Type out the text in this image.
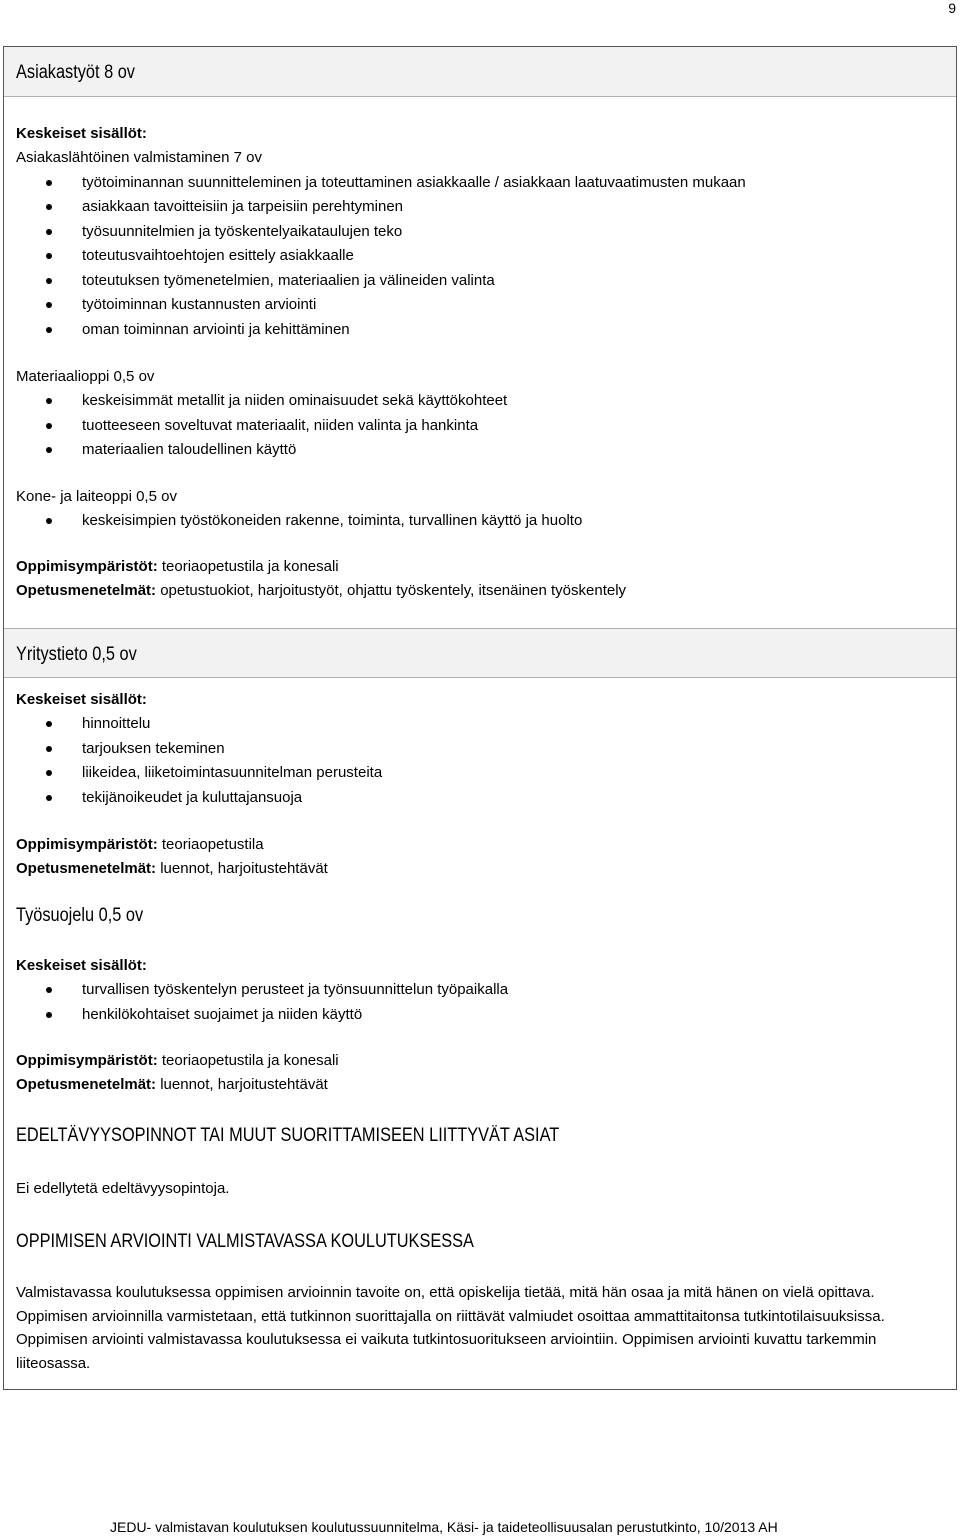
9
Asiakastyöt 8 ov
Keskeiset sisällöt:
Asiakaslähtöinen valmistaminen 7 ov
työtoiminannan suunnitteleminen ja toteuttaminen asiakkaalle / asiakkaan laatuvaatimusten mukaan
asiakkaan tavoitteisiin ja tarpeisiin perehtyminen
työsuunnitelmien ja työskentelyaikataulujen teko
toteutusvaihtoehtojen esittely asiakkaalle
toteutuksen työmenetelmien, materiaalien ja välineiden valinta
työtoiminnan kustannusten arviointi
oman toiminnan arviointi ja kehittäminen
Materiaalioppi 0,5 ov
keskeisimmät metallit ja niiden ominaisuudet sekä käyttökohteet
tuotteeseen soveltuvat materiaalit, niiden valinta ja hankinta
materiaalien taloudellinen käyttö
Kone- ja laiteoppi 0,5 ov
keskeisimpien työstökoneiden rakenne, toiminta, turvallinen käyttö ja huolto
Oppimisympäristöt: teoriaopetustila ja konesali
Opetusmenetelmät: opetustuokiot, harjoitustyöt, ohjattu työskentely, itsenäinen työskentely
Yritystieto 0,5 ov
Keskeiset sisällöt:
hinnoittelu
tarjouksen tekeminen
liikeidea, liiketoimintasuunnitelman perusteita
tekijänoikeudet ja kuluttajansuoja
Oppimisympäristöt: teoriaopetustila
Opetusmenetelmät: luennot, harjoitustehtävät
Työsuojelu 0,5 ov
Keskeiset sisällöt:
turvallisen työskentelyn perusteet ja työnsuunnittelun työpaikalla
henkilökohtaiset suojaimet ja niiden käyttö
Oppimisympäristöt: teoriaopetustila ja konesali
Opetusmenetelmät: luennot, harjoitustehtävät
EDELTÄVYYSOPINNOT TAI MUUT SUORITTAMISEEN LIITTYVÄT ASIAT
Ei edellytetä edeltävyysopintoja.
OPPIMISEN ARVIOINTI VALMISTAVASSA KOULUTUKSESSA
Valmistavassa koulutuksessa oppimisen arvioinnin tavoite on, että opiskelija tietää, mitä hän osaa ja mitä hänen on vielä opittava. Oppimisen arvioinnilla varmistetaan, että tutkinnon suorittajalla on riittävät valmiudet osoittaa ammattitaitonsa tutkintotilaisuuksissa. Oppimisen arviointi valmistavassa koulutuksessa ei vaikuta tutkintosuoritukseen arviointiin. Oppimisen arviointi kuvattu tarkemmin liiteosassa.
JEDU- valmistavan koulutuksen koulutussuunnitelma, Käsi- ja taideteollisuusalan perustutkinto, 10/2013 AH
